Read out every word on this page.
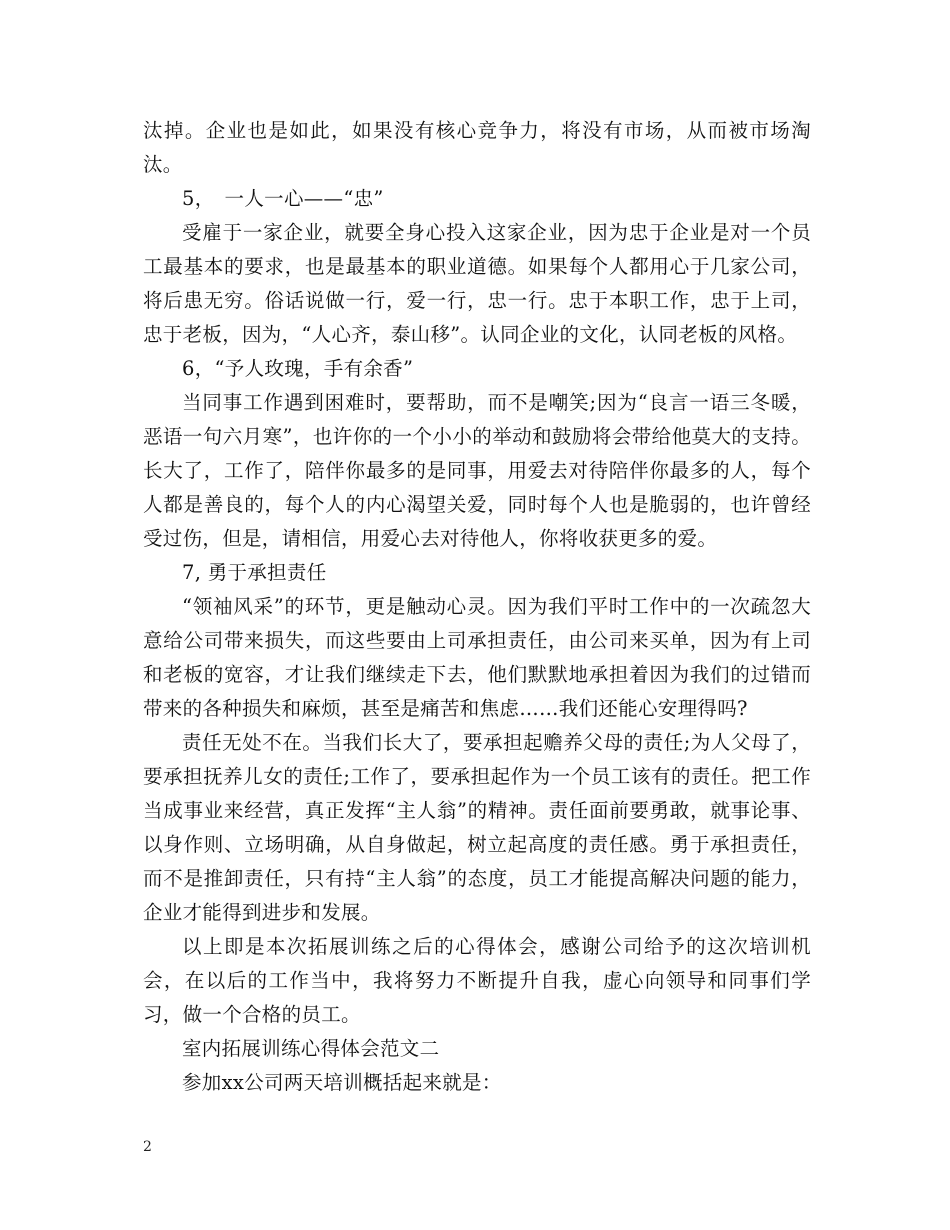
汰掉。企业也是如此，如果没有核心竞争力，将没有市场，从而被市场淘汰。

5，　一人一心——“忠”

受雇于一家企业，就要全身心投入这家企业，因为忠于企业是对一个员工最基本的要求，也是最基本的职业道德。如果每个人都用心于几家公司，将后患无穷。俗话说做一行，爱一行，忠一行。忠于本职工作，忠于上司，忠于老板，因为，“人心齐，泰山移”。认同企业的文化，认同老板的风格。

6，“予人玫瑰，手有余香”

当同事工作遇到困难时，要帮助，而不是嘲笑;因为“良言一语三冬暖，恶语一句六月寒”，也许你的一个小小的举动和鼓励将会带给他莫大的支持。长大了，工作了，陪伴你最多的是同事，用爱去对待陪伴你最多的人，每个人都是善良的，每个人的内心渴望关爱，同时每个人也是脆弱的，也许曾经受过伤，但是，请相信，用爱心去对待他人，你将收获更多的爱。

7, 勇于承担责任

“领袖风采”的环节，更是触动心灵。因为我们平时工作中的一次疏忽大意给公司带来损失，而这些要由上司承担责任，由公司来买单，因为有上司和老板的宽容，才让我们继续走下去，他们默默地承担着因为我们的过错而带来的各种损失和麻烦，甚至是痛苦和焦虑……我们还能心安理得吗?

责任无处不在。当我们长大了，要承担起赡养父母的责任;为人父母了，要承担抚养儿女的责任;工作了，要承担起作为一个员工该有的责任。把工作当成事业来经营，真正发挥“主人翁”的精神。责任面前要勇敢，就事论事、以身作则、立场明确，从自身做起，树立起高度的责任感。勇于承担责任，而不是推卸责任，只有持“主人翁”的态度，员工才能提高解决问题的能力，企业才能得到进步和发展。

以上即是本次拓展训练之后的心得体会，感谢公司给予的这次培训机会，在以后的工作当中，我将努力不断提升自我，虚心向领导和同事们学习，做一个合格的员工。

室内拓展训练心得体会范文二

参加xx公司两天培训概括起来就是：

2
